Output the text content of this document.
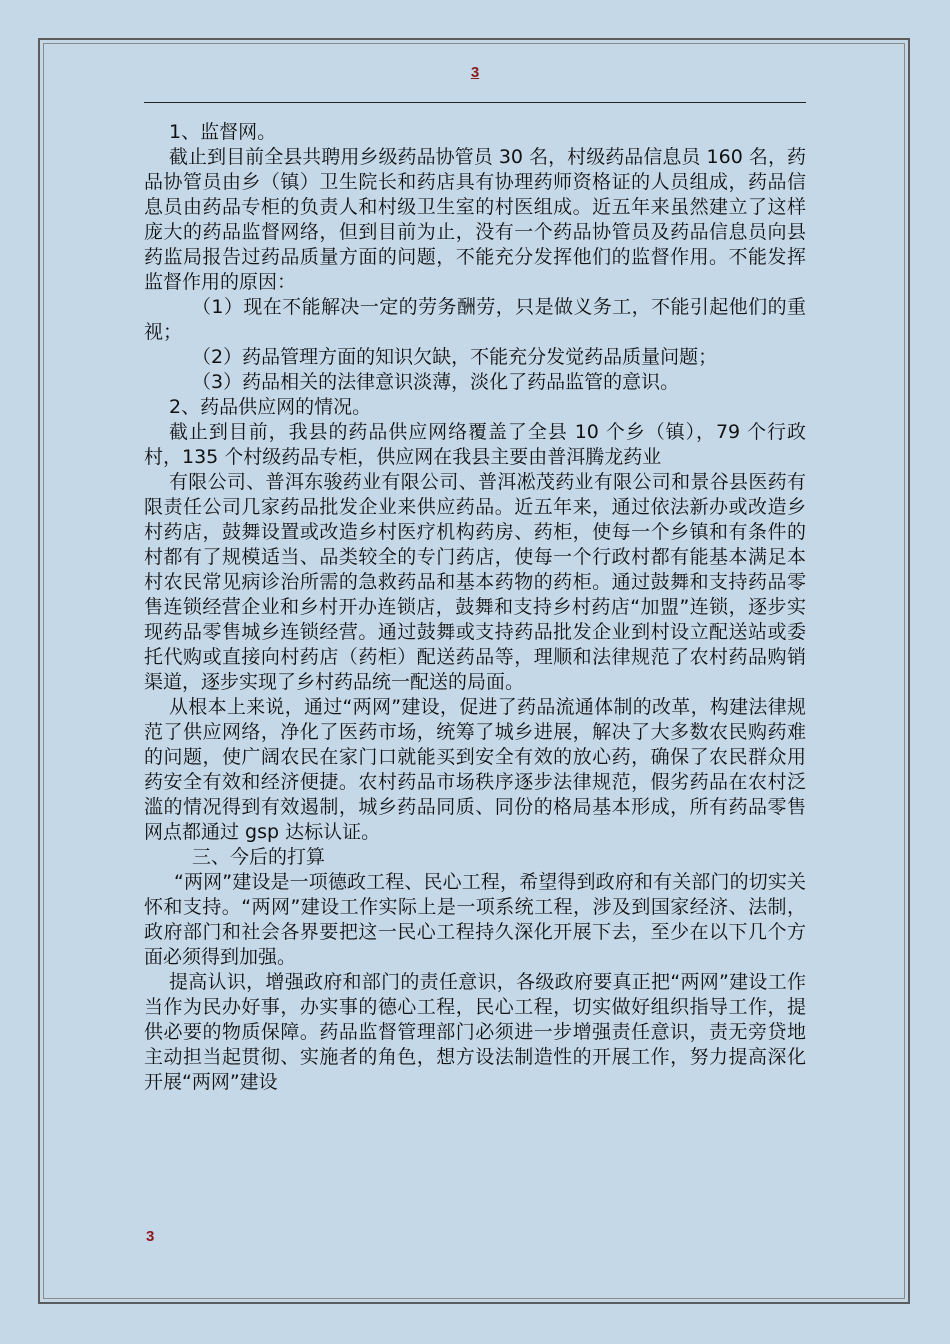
3

1、监督网。

截止到目前全县共聘用乡级药品协管员 30 名，村级药品信息员 160 名，药品协管员由乡（镇）卫生院长和药店具有协理药师资格证的人员组成，药品信息员由药品专柜的负责人和村级卫生室的村医组成。近五年来虽然建立了这样庞大的药品监督网络，但到目前为止，没有一个药品协管员及药品信息员向县药监局报告过药品质量方面的问题，不能充分发挥他们的监督作用。不能发挥监督作用的原因：

（1）现在不能解决一定的劳务酬劳，只是做义务工，不能引起他们的重视；

（2）药品管理方面的知识欠缺，不能充分发觉药品质量问题；

（3）药品相关的法律意识淡薄，淡化了药品监管的意识。

2、药品供应网的情况。

截止到目前，我县的药品供应网络覆盖了全县 10 个乡（镇），79 个行政村，135 个村级药品专柜，供应网在我县主要由普洱腾龙药业

有限公司、普洱东骏药业有限公司、普洱凇茂药业有限公司和景谷县医药有限责任公司几家药品批发企业来供应药品。近五年来，通过依法新办或改造乡村药店，鼓舞设置或改造乡村医疗机构药房、药柜，使每一个乡镇和有条件的村都有了规模适当、品类较全的专门药店，使每一个行政村都有能基本满足本村农民常见病诊治所需的急救药品和基本药物的药柜。通过鼓舞和支持药品零售连锁经营企业和乡村开办连锁店，鼓舞和支持乡村药店“加盟”连锁，逐步实现药品零售城乡连锁经营。通过鼓舞或支持药品批发企业到村设立配送站或委托代购或直接向村药店（药柜）配送药品等，理顺和法律规范了农村药品购销渠道，逐步实现了乡村药品统一配送的局面。

从根本上来说，通过“两网”建设，促进了药品流通体制的改革，构建法律规范了供应网络，净化了医药市场，统筹了城乡进展，解决了大多数农民购药难的问题，使广阔农民在家门口就能买到安全有效的放心药，确保了农民群众用药安全有效和经济便捷。农村药品市场秩序逐步法律规范，假劣药品在农村泛滥的情况得到有效遏制，城乡药品同质、同份的格局基本形成，所有药品零售网点都通过 gsp 达标认证。

三、今后的打算

“两网”建设是一项德政工程、民心工程，希望得到政府和有关部门的切实关怀和支持。“两网”建设工作实际上是一项系统工程，涉及到国家经济、法制，政府部门和社会各界要把这一民心工程持久深化开展下去，至少在以下几个方面必须得到加强。

提高认识，增强政府和部门的责任意识，各级政府要真正把“两网”建设工作当作为民办好事，办实事的德心工程，民心工程，切实做好组织指导工作，提供必要的物质保障。药品监督管理部门必须进一步增强责任意识，责无旁贷地主动担当起贯彻、实施者的角色，想方设法制造性的开展工作，努力提高深化开展“两网”建设

3
